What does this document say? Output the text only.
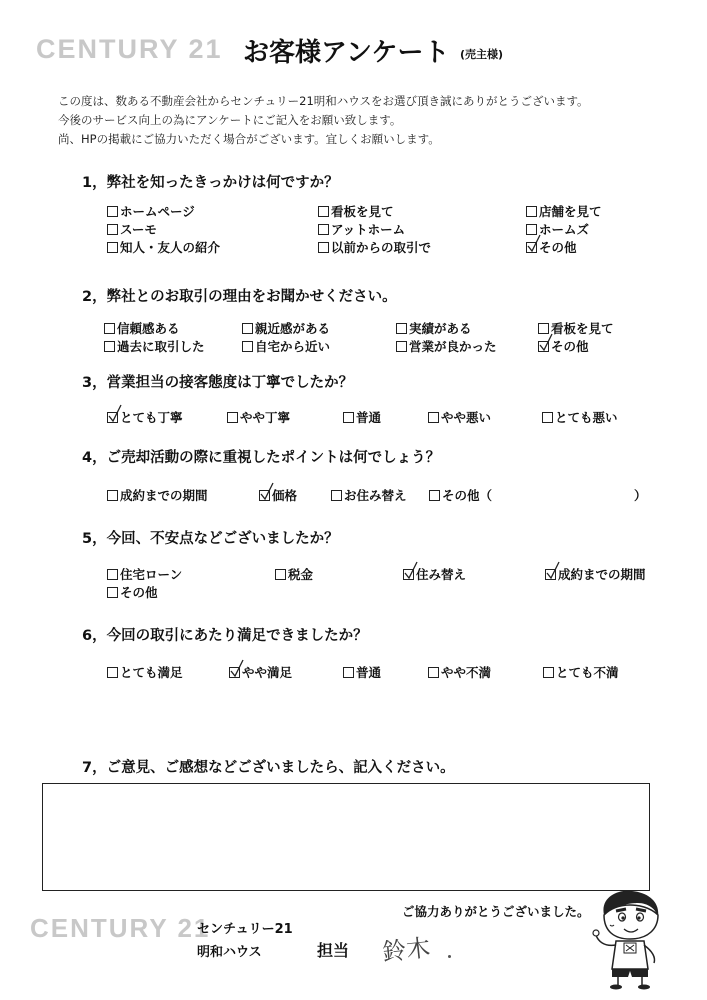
CENTURY 21 お客様アンケート (売主様)
この度は、数ある不動産会社からセンチュリー21明和ハウスをお選び頂き誠にありがとうございます。
今後のサービス向上の為にアンケートにご記入をお願い致します。
尚、HPの掲載にご協力いただく場合がございます。宜しくお願いします。
1，弊社を知ったきっかけは何ですか？
ホームページ	看板を見て	店舗を見て
スーモ	アットホーム	ホームズ
知人・友人の紹介	以前からの取引で	その他
2，弊社とのお取引の理由をお聞かせください。
信頼感ある	親近感がある	実績がある	看板を見て
過去に取引した	自宅から近い	営業が良かった	その他
3，営業担当の接客態度は丁寧でしたか？
とても丁寧	やや丁寧	普通	やや悪い	とても悪い
4，ご売却活動の際に重視したポイントは何でしょう？
成約までの期間	価格	お住み替え	その他（	）
5，今回、不安点などございましたか？
住宅ローン	税金	住み替え	成約までの期間
その他
6，今回の取引にあたり満足できましたか？
とても満足	やや満足	普通	やや不満	とても不満
7，ご意見、ご感想などございましたら、記入ください。
ご協力ありがとうございました。
CENTURY 21
センチュリー21
明和ハウス	担当 鈴木
